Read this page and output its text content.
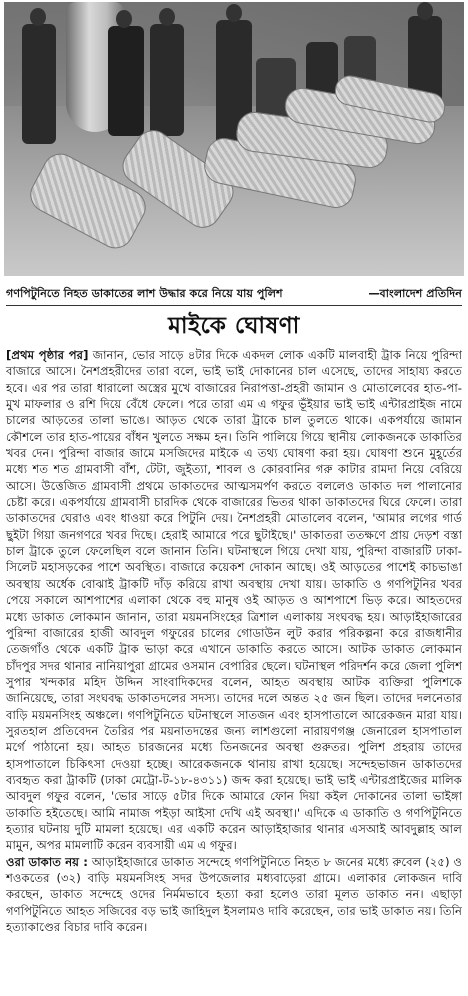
গণপিটুনিতে নিহত ডাকাতের লাশ উদ্ধার করে নিয়ে যায় পুলিশ	—বাংলাদেশ প্রতিদিন
মাইকে ঘোষণা

[প্রথম পৃষ্ঠার পর] জানান, ভোর সাড়ে ৪টার দিকে একদল লোক একটি মালবাহী ট্রাক নিয়ে পুরিন্দা বাজারে আসে। নৈশপ্রহরীদের তারা বলে, ভাই ভাই দোকানের চাল এসেছে, তাদের সাহায্য করতে হবে। এর পর তারা ধারালো অস্ত্রের মুখে বাজারের নিরাপত্তা-প্রহরী জামান ও মোতালেবের হাত-পা-মুখ মাফলার ও রশি দিয়ে বেঁধে ফেলে। পরে তারা এম এ গফুর ভূঁইয়ার ভাই ভাই এন্টারপ্রাইজ নামে চালের আড়তের তালা ভাঙে। আড়ত থেকে তারা ট্রাকে চাল তুলতে থাকে। একপর্যায়ে জামান কৌশলে তার হাত-পায়ের বাঁধন খুলতে সক্ষম হন। তিনি পালিয়ে গিয়ে স্থানীয় লোকজনকে ডাকাতির খবর দেন। পুরিন্দা বাজার জামে মসজিদের মাইকে এ তথ্য ঘোষণা করা হয়। ঘোষণা শুনে মুহূর্তের মধ্যে শত শত গ্রামবাসী বাঁশ, টেটা, জুইত্যা, শাবল ও কোরবানির গরু কাটার রামদা নিয়ে বেরিয়ে আসে। উত্তেজিত গ্রামবাসী প্রথমে ডাকাতদের আত্মসমর্পণ করতে বললেও ডাকাত দল পালানোর চেষ্টা করে। একপর্যায়ে গ্রামবাসী চারদিক থেকে বাজারের ভিতর থাকা ডাকাতদের ঘিরে ফেলে। তারা ডাকাতদের ঘেরাও এবং ধাওয়া করে পিটুনি দেয়। নৈশপ্রহরী মোতালেব বলেন, 'আমার লগের গার্ড ছুইটা গিয়া জনগণরে খবর দিছে। হেরাই আমারে পরে ছুটাইছে।' ডাকাতরা ততক্ষণে প্রায় দেড়শ বস্তা চাল ট্রাকে তুলে ফেলেছিল বলে জানান তিনি। ঘটনাস্থলে গিয়ে দেখা যায়, পুরিন্দা বাজারটি ঢাকা-সিলেট মহাসড়কের পাশে অবস্থিত। বাজারে কয়েকশ দোকান আছে। ওই আড়তের পাশেই কাচভাঙা অবস্থায় অর্ধেক বোঝাই ট্রাকটি দাঁড় করিয়ে রাখা অবস্থায় দেখা যায়। ডাকাতি ও গণপিটুনির খবর পেয়ে সকালে আশপাশের এলাকা থেকে বহু মানুষ ওই আড়ত ও আশপাশে ভিড় করে। আহতদের মধ্যে ডাকাত লোকমান জানান, তারা ময়মনসিংহের ত্রিশাল এলাকায় সংঘবদ্ধ হয়। আড়াইহাজারের পুরিন্দা বাজারের হাজী আবদুল গফুরের চালের গোডাউন লুট করার পরিকল্পনা করে রাজধানীর তেজগাঁও থেকে একটি ট্রাক ভাড়া করে এখানে ডাকাতি করতে আসে। আটক ডাকাত লোকমান চাঁদপুর সদর থানার নানিয়াপুরা গ্রামের ওসমান বেপারির ছেলে। ঘটনাস্থল পরিদর্শন করে জেলা পুলিশ সুপার খন্দকার মহিদ উদ্দিন সাংবাদিকদের বলেন, আহত অবস্থায় আটক ব্যক্তিরা পুলিশকে জানিয়েছে, তারা সংঘবদ্ধ ডাকাতদলের সদস্য। তাদের দলে অন্তত ২৫ জন ছিল। তাদের দলনেতার বাড়ি ময়মনসিংহ অঞ্চলে। গণপিটুনিতে ঘটনাস্থলে সাতজন এবং হাসপাতালে আরেকজন মারা যায়। সুরতহাল প্রতিবেদন তৈরির পর ময়নাতদন্তের জন্য লাশগুলো নারায়ণগঞ্জ জেনারেল হাসপাতাল মর্গে পাঠানো হয়। আহত চারজনের মধ্যে তিনজনের অবস্থা গুরুতর। পুলিশ প্রহরায় তাদের হাসপাতালে চিকিৎসা দেওয়া হচ্ছে। আরেকজনকে থানায় রাখা হয়েছে। সন্দেহভাজন ডাকাতদের ব্যবহৃত করা ট্রাকটি (ঢাকা মেট্রো-ট-১৮-৪৩১১) জব্দ করা হয়েছে। ভাই ভাই এন্টারপ্রাইজের মালিক আবদুল গফুর বলেন, 'ভোর সাড়ে ৫টার দিকে আমারে ফোন দিয়া কইল দোকানের তালা ভাইঙ্গা ডাকাতি হইতেছে। আমি নামাজ পইড়া আইসা দেখি এই অবস্থা।' এদিকে এ ডাকাতি ও গণপিটুনিতে হত্যার ঘটনায় দুটি মামলা হয়েছে। এর একটি করেন আড়াইহাজার থানার এসআই আবদুল্লাহ আল মামুন, অপর মামলাটি করেন ব্যবসায়ী এম এ গফুর।

ওরা ডাকাত নয় : আড়াইহাজারে ডাকাত সন্দেহে গণপিটুনিতে নিহত ৮ জনের মধ্যে রুবেল (২৫) ও শওকতের (৩২) বাড়ি ময়মনসিংহ সদর উপজেলার মধ্যবাড়েরা গ্রামে। এলাকার লোকজন দাবি করছেন, ডাকাত সন্দেহে ওদের নির্মমভাবে হত্যা করা হলেও তারা মূলত ডাকাত নন। এছাড়া গণপিটুনিতে আহত সজিবের বড় ভাই জাহিদুল ইসলামও দাবি করেছেন, তার ভাই ডাকাত নয়। তিনি হত্যাকাণ্ডের বিচার দাবি করেন।
